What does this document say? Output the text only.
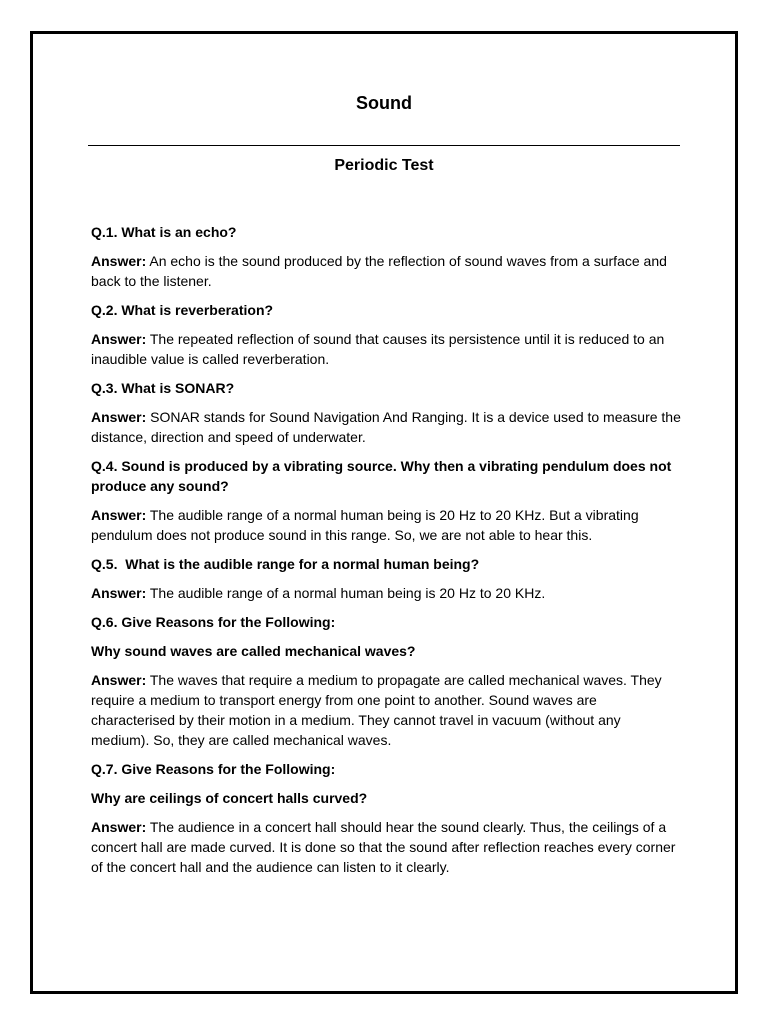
Sound
Periodic Test

Q.1. What is an echo?

Answer: An echo is the sound produced by the reflection of sound waves from a surface and back to the listener.

Q.2. What is reverberation?

Answer: The repeated reflection of sound that causes its persistence until it is reduced to an inaudible value is called reverberation.

Q.3. What is SONAR?

Answer: SONAR stands for Sound Navigation And Ranging. It is a device used to measure the distance, direction and speed of underwater.

Q.4. Sound is produced by a vibrating source. Why then a vibrating pendulum does not produce any sound?

Answer: The audible range of a normal human being is 20 Hz to 20 KHz. But a vibrating pendulum does not produce sound in this range. So, we are not able to hear this.

Q.5.  What is the audible range for a normal human being?

Answer: The audible range of a normal human being is 20 Hz to 20 KHz.

Q.6. Give Reasons for the Following:

Why sound waves are called mechanical waves?

Answer: The waves that require a medium to propagate are called mechanical waves. They require a medium to transport energy from one point to another. Sound waves are characterised by their motion in a medium. They cannot travel in vacuum (without any medium). So, they are called mechanical waves.

Q.7. Give Reasons for the Following:

Why are ceilings of concert halls curved?

Answer: The audience in a concert hall should hear the sound clearly. Thus, the ceilings of a concert hall are made curved. It is done so that the sound after reflection reaches every corner of the concert hall and the audience can listen to it clearly.
